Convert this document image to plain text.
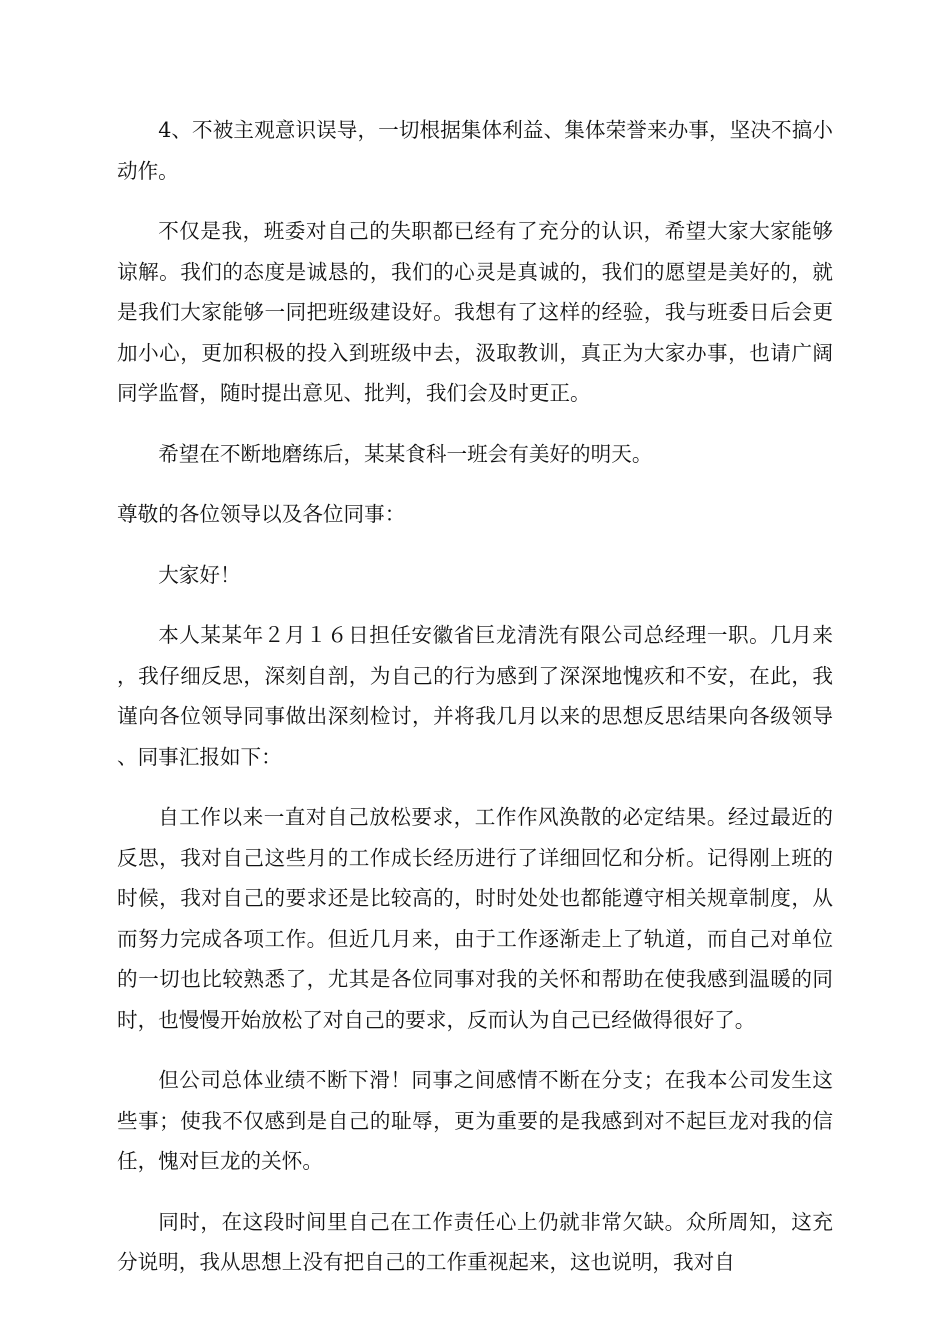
4、不被主观意识误导，一切根据集体利益、集体荣誉来办事，坚决不搞小动作。

不仅是我，班委对自己的失职都已经有了充分的认识，希望大家大家能够谅解。我们的态度是诚恳的，我们的心灵是真诚的，我们的愿望是美好的，就是我们大家能够一同把班级建设好。我想有了这样的经验，我与班委日后会更加小心，更加积极的投入到班级中去，汲取教训，真正为大家办事，也请广阔同学监督，随时提出意见、批判，我们会及时更正。

希望在不断地磨练后，某某食科一班会有美好的明天。

尊敬的各位领导以及各位同事：

大家好！

本人某某年２月１６日担任安徽省巨龙清洗有限公司总经理一职。几月来，我仔细反思，深刻自剖，为自己的行为感到了深深地愧疚和不安，在此，我谨向各位领导同事做出深刻检讨，并将我几月以来的思想反思结果向各级领导、同事汇报如下：

自工作以来一直对自己放松要求，工作作风涣散的必定结果。经过最近的反思，我对自己这些月的工作成长经历进行了详细回忆和分析。记得刚上班的时候，我对自己的要求还是比较高的，时时处处也都能遵守相关规章制度，从而努力完成各项工作。但近几月来，由于工作逐渐走上了轨道，而自己对单位的一切也比较熟悉了，尤其是各位同事对我的关怀和帮助在使我感到温暖的同时，也慢慢开始放松了对自己的要求，反而认为自己已经做得很好了。

但公司总体业绩不断下滑！同事之间感情不断在分支；在我本公司发生这些事；使我不仅感到是自己的耻辱，更为重要的是我感到对不起巨龙对我的信任，愧对巨龙的关怀。

同时，在这段时间里自己在工作责任心上仍就非常欠缺。众所周知，这充分说明，我从思想上没有把自己的工作重视起来，这也说明，我对自
